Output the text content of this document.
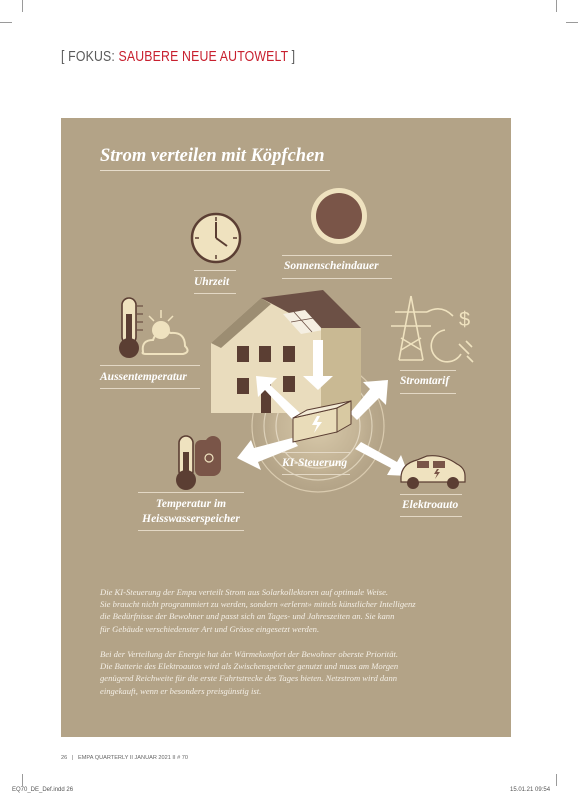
[ FOKUS: SAUBERE NEUE AUTOWELT ]
$
Strom verteilen mit Köpfchen
Uhrzeit
Sonnenscheindauer
Aussentemperatur	Stromtarif
KI-Steuerung
Temperatur im
Heisswasserspeicher
Elektroauto
Die KI-Steuerung der Empa verteilt Strom aus Solarkollektoren auf optimale Weise.
Sie braucht nicht programmiert zu werden, sondern «erlernt» mittels künstlicher Intelligenz
die Bedürfnisse der Bewohner und passt sich an Tages- und Jahreszeiten an. Sie kann
für Gebäude verschiedenster Art und Grösse eingesetzt werden.
Bei der Verteilung der Energie hat der Wärmekomfort der Bewohner oberste Priorität.
Die Batterie des Elektroautos wird als Zwischenspeicher genutzt und muss am Morgen
genügend Reichweite für die erste Fahrtstrecke des Tages bieten. Netzstrom wird dann
eingekauft, wenn er besonders preisgünstig ist.
26 | EMPA QUARTERLY II JANUAR 2021 II # 70
EQ70_DE_Def.indd 26	15.01.21 09:54
